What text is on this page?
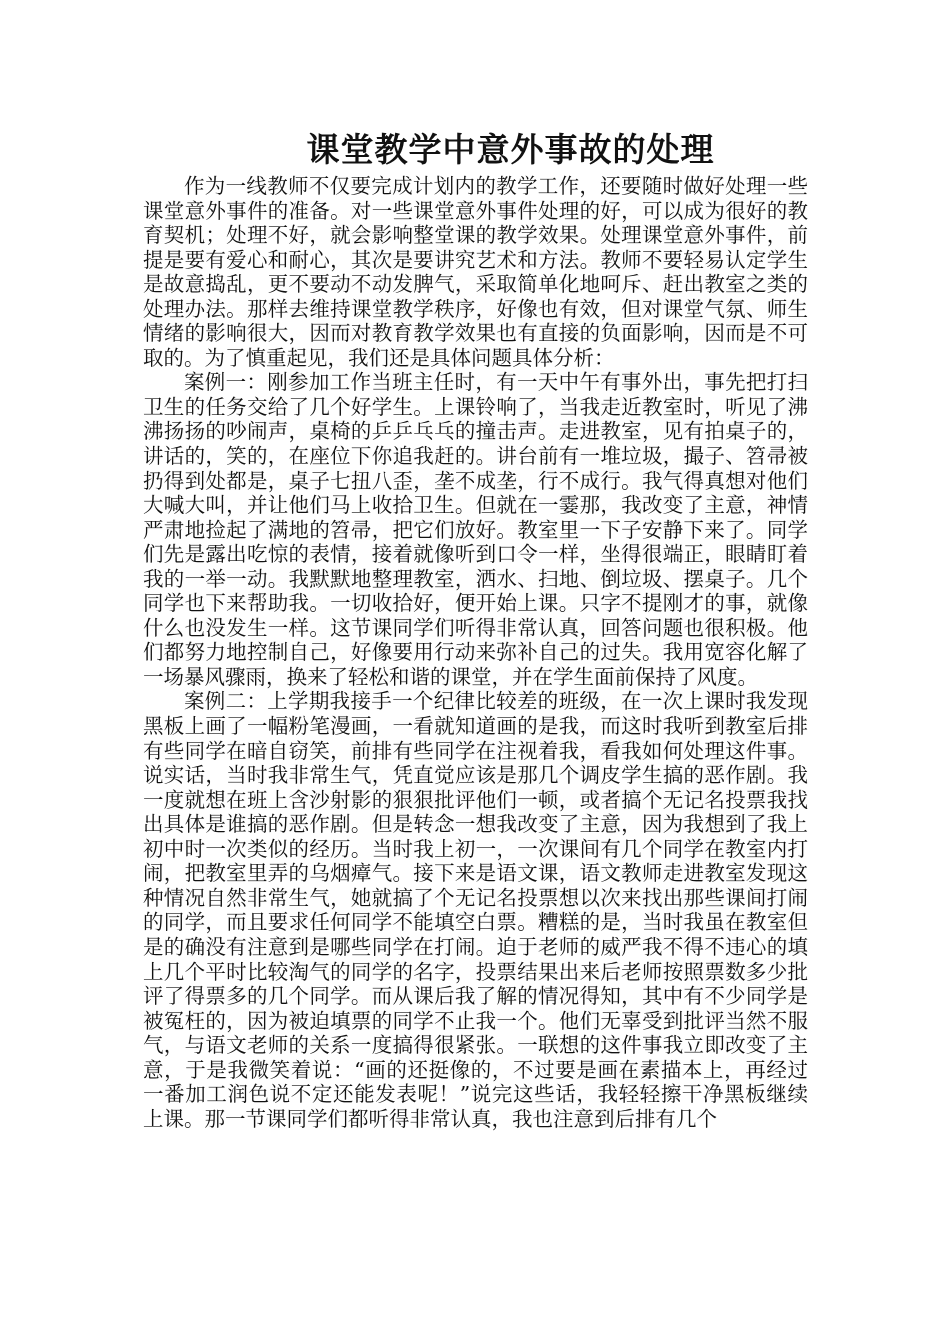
课堂教学中意外事故的处理

作为一线教师不仅要完成计划内的教学工作，还要随时做好处理一些课堂意外事件的准备。对一些课堂意外事件处理的好，可以成为很好的教育契机；处理不好，就会影响整堂课的教学效果。处理课堂意外事件，前提是要有爱心和耐心，其次是要讲究艺术和方法。教师不要轻易认定学生是故意捣乱，更不要动不动发脾气，采取简单化地呵斥、赶出教室之类的处理办法。那样去维持课堂教学秩序，好像也有效，但对课堂气氛、师生情绪的影响很大，因而对教育教学效果也有直接的负面影响，因而是不可取的。为了慎重起见，我们还是具体问题具体分析：

案例一：刚参加工作当班主任时，有一天中午有事外出，事先把打扫卫生的任务交给了几个好学生。上课铃响了，当我走近教室时，听见了沸沸扬扬的吵闹声，桌椅的乒乒乓乓的撞击声。走进教室，见有拍桌子的，讲话的，笑的，在座位下你追我赶的。讲台前有一堆垃圾，撮子、笤帚被扔得到处都是，桌子七扭八歪，垄不成垄，行不成行。我气得真想对他们大喊大叫，并让他们马上收拾卫生。但就在一霎那，我改变了主意，神情严肃地捡起了满地的笤帚，把它们放好。教室里一下子安静下来了。同学们先是露出吃惊的表情，接着就像听到口令一样，坐得很端正，眼睛盯着我的一举一动。我默默地整理教室，洒水、扫地、倒垃圾、摆桌子。几个同学也下来帮助我。一切收拾好，便开始上课。只字不提刚才的事，就像什么也没发生一样。这节课同学们听得非常认真，回答问题也很积极。他们都努力地控制自己，好像要用行动来弥补自己的过失。我用宽容化解了一场暴风骤雨，换来了轻松和谐的课堂，并在学生面前保持了风度。

案例二：上学期我接手一个纪律比较差的班级，在一次上课时我发现黑板上画了一幅粉笔漫画，一看就知道画的是我，而这时我听到教室后排有些同学在暗自窃笑，前排有些同学在注视着我，看我如何处理这件事。说实话，当时我非常生气，凭直觉应该是那几个调皮学生搞的恶作剧。我一度就想在班上含沙射影的狠狠批评他们一顿，或者搞个无记名投票我找出具体是谁搞的恶作剧。但是转念一想我改变了主意，因为我想到了我上初中时一次类似的经历。当时我上初一，一次课间有几个同学在教室内打闹，把教室里弄的乌烟瘴气。接下来是语文课，语文教师走进教室发现这种情况自然非常生气，她就搞了个无记名投票想以次来找出那些课间打闹的同学，而且要求任何同学不能填空白票。糟糕的是，当时我虽在教室但是的确没有注意到是哪些同学在打闹。迫于老师的威严我不得不违心的填上几个平时比较淘气的同学的名字，投票结果出来后老师按照票数多少批评了得票多的几个同学。而从课后我了解的情况得知，其中有不少同学是被冤枉的，因为被迫填票的同学不止我一个。他们无辜受到批评当然不服气，与语文老师的关系一度搞得很紧张。一联想的这件事我立即改变了主意，于是我微笑着说：“画的还挺像的，不过要是画在素描本上，再经过一番加工润色说不定还能发表呢！”说完这些话，我轻轻擦干净黑板继续上课。那一节课同学们都听得非常认真，我也注意到后排有几个
